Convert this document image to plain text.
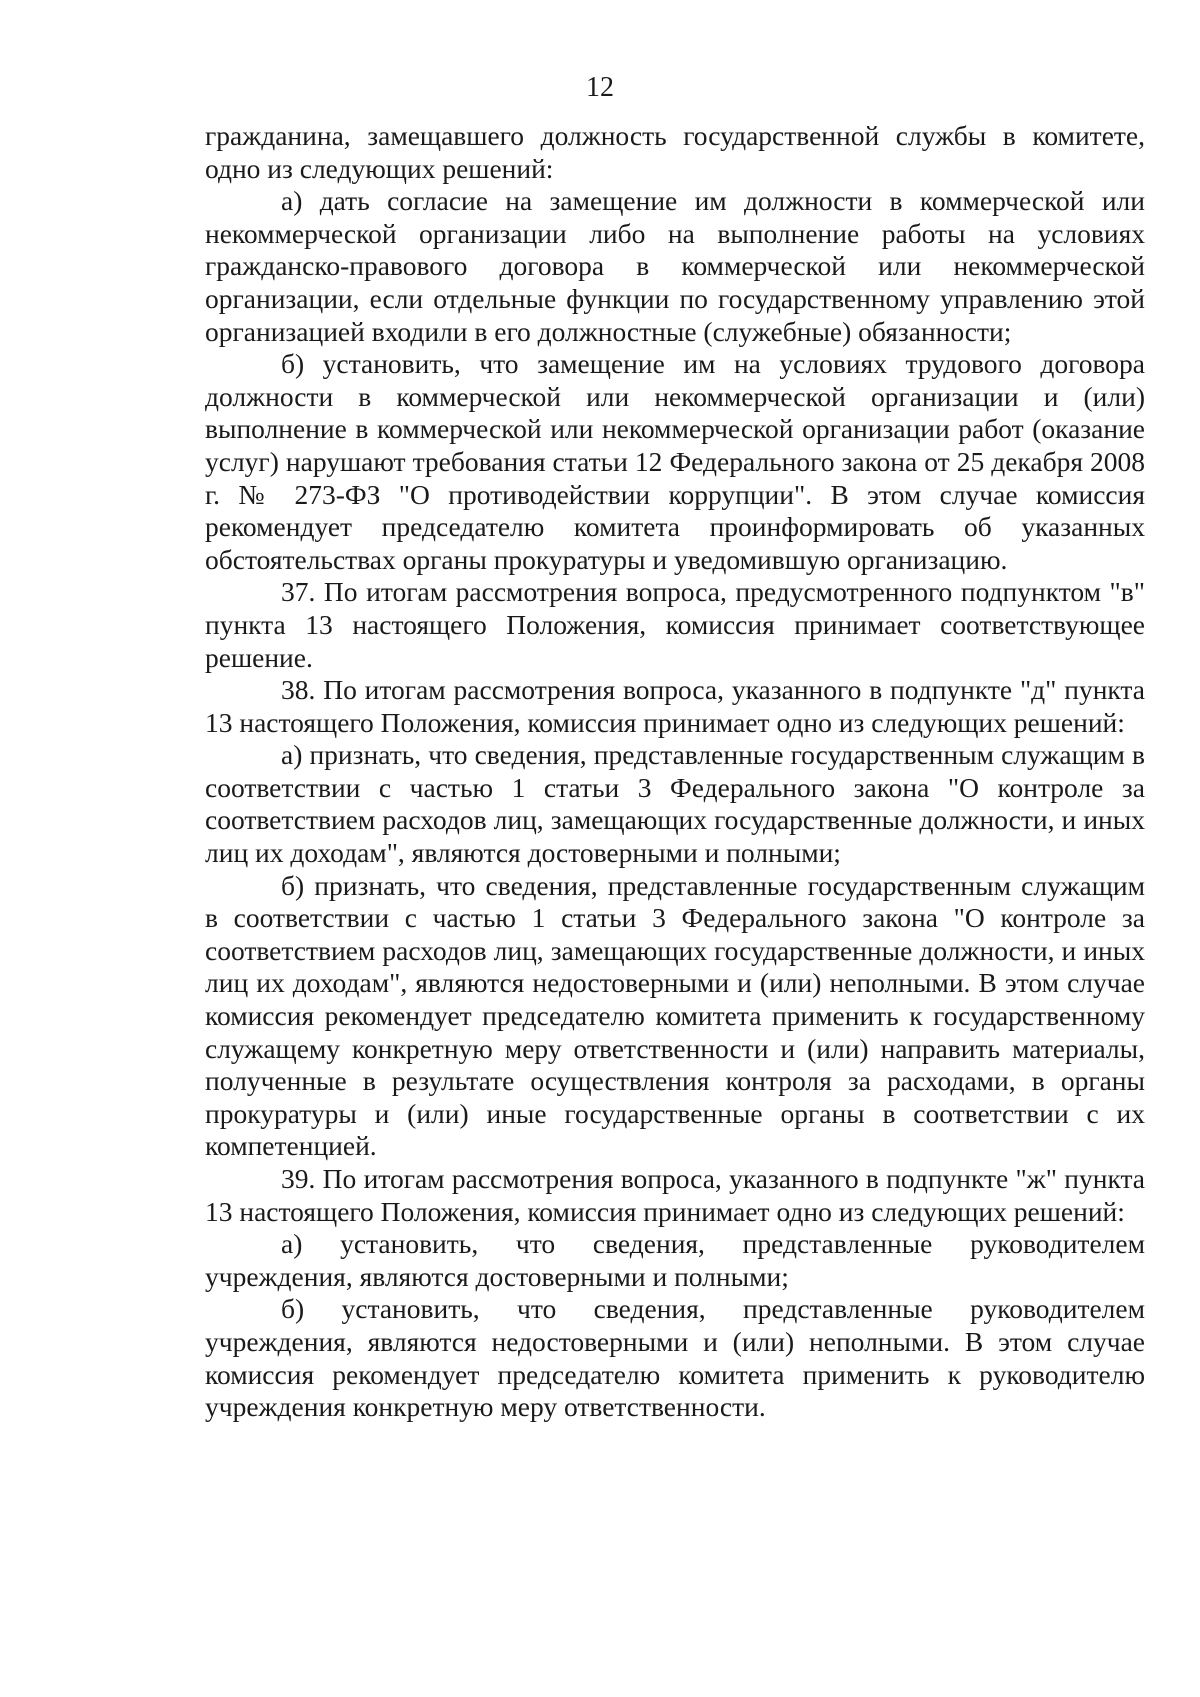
12

гражданина, замещавшего должность государственной службы в комитете, одно из следующих решений:

а) дать согласие на замещение им должности в коммерческой или некоммерческой организации либо на выполнение работы на условиях гражданско-правового договора в коммерческой или некоммерческой организации, если отдельные функции по государственному управлению этой организацией входили в его должностные (служебные) обязанности;

б) установить, что замещение им на условиях трудового договора должности в коммерческой или некоммерческой организации и (или) выполнение в коммерческой или некоммерческой организации работ (оказание услуг) нарушают требования статьи 12 Федерального закона от 25 декабря 2008 г. № 273-ФЗ "О противодействии коррупции". В этом случае комиссия рекомендует председателю комитета проинформировать об указанных обстоятельствах органы прокуратуры и уведомившую организацию.

37. По итогам рассмотрения вопроса, предусмотренного подпунктом "в" пункта 13 настоящего Положения, комиссия принимает соответствующее решение.

38. По итогам рассмотрения вопроса, указанного в подпункте "д" пункта 13 настоящего Положения, комиссия принимает одно из следующих решений:

а) признать, что сведения, представленные государственным служащим в соответствии с частью 1 статьи 3 Федерального закона "О контроле за соответствием расходов лиц, замещающих государственные должности, и иных лиц их доходам", являются достоверными и полными;

б) признать, что сведения, представленные государственным служащим в соответствии с частью 1 статьи 3 Федерального закона "О контроле за соответствием расходов лиц, замещающих государственные должности, и иных лиц их доходам", являются недостоверными и (или) неполными. В этом случае комиссия рекомендует председателю комитета применить к государственному служащему конкретную меру ответственности и (или) направить материалы, полученные в результате осуществления контроля за расходами, в органы прокуратуры и (или) иные государственные органы в соответствии с их компетенцией.

39. По итогам рассмотрения вопроса, указанного в подпункте "ж" пункта 13 настоящего Положения, комиссия принимает одно из следующих решений:

а) установить, что сведения, представленные руководителем учреждения, являются достоверными и полными;

б) установить, что сведения, представленные руководителем учреждения, являются недостоверными и (или) неполными. В этом случае комиссия рекомендует председателю комитета применить к руководителю учреждения конкретную меру ответственности.
